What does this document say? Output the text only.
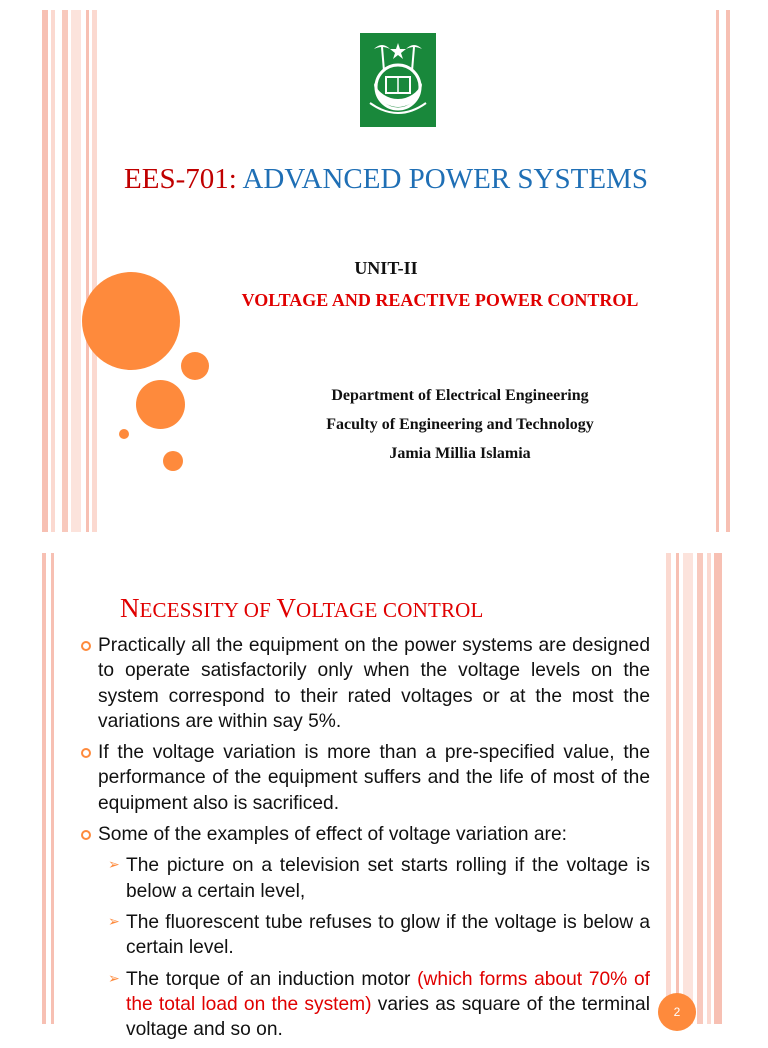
EES-701: ADVANCED POWER SYSTEMS
UNIT-II
VOLTAGE AND REACTIVE POWER CONTROL
Department of Electrical Engineering
Faculty of Engineering and Technology
Jamia Millia Islamia
NECESSITY OF VOLTAGE CONTROL
Practically all the equipment on the power systems are designed to operate satisfactorily only when the voltage levels on the system correspond to their rated voltages or at the most the variations are within say 5%.
If the voltage variation is more than a pre-specified value, the performance of the equipment suffers and the life of most of the equipment also is sacrificed.
Some of the examples of effect of voltage variation are:
➢ The picture on a television set starts rolling if the voltage is below a certain level,
➢ The fluorescent tube refuses to glow if the voltage is below a certain level.
➢ The torque of an induction motor (which forms about 70% of the total load on the system) varies as square of the terminal voltage and so on.
2
